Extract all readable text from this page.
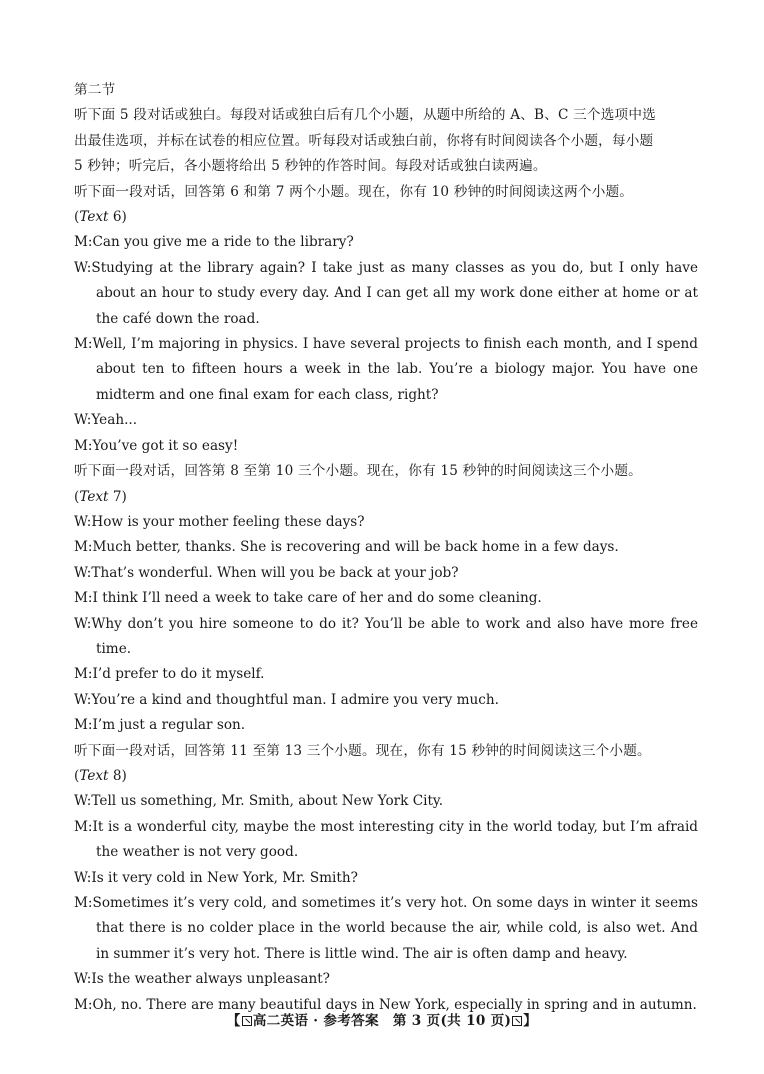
第二节
听下面 5 段对话或独白。每段对话或独白后有几个小题，从题中所给的 A、B、C 三个选项中选
出最佳选项，并标在试卷的相应位置。听每段对话或独白前，你将有时间阅读各个小题，每小题
5 秒钟；听完后，各小题将给出 5 秒钟的作答时间。每段对话或独白读两遍。
听下面一段对话，回答第 6 和第 7 两个小题。现在，你有 10 秒钟的时间阅读这两个小题。
(Text 6)
M:Can you give me a ride to the library?
W:Studying at the library again? I take just as many classes as you do, but I only have about an hour to study every day. And I can get all my work done either at home or at the café down the road.
M:Well, I’m majoring in physics. I have several projects to finish each month, and I spend about ten to fifteen hours a week in the lab. You’re a biology major. You have one midterm and one final exam for each class, right?
W:Yeah...
M:You’ve got it so easy!
听下面一段对话，回答第 8 至第 10 三个小题。现在，你有 15 秒钟的时间阅读这三个小题。
(Text 7)
W:How is your mother feeling these days?
M:Much better, thanks. She is recovering and will be back home in a few days.
W:That’s wonderful. When will you be back at your job?
M:I think I’ll need a week to take care of her and do some cleaning.
W:Why don’t you hire someone to do it? You’ll be able to work and also have more free time.
M:I’d prefer to do it myself.
W:You’re a kind and thoughtful man. I admire you very much.
M:I’m just a regular son.
听下面一段对话，回答第 11 至第 13 三个小题。现在，你有 15 秒钟的时间阅读这三个小题。
(Text 8)
W:Tell us something, Mr. Smith, about New York City.
M:It is a wonderful city, maybe the most interesting city in the world today, but I’m afraid the weather is not very good.
W:Is it very cold in New York, Mr. Smith?
M:Sometimes it’s very cold, and sometimes it’s very hot. On some days in winter it seems that there is no colder place in the world because the air, while cold, is also wet. And in summer it’s very hot. There is little wind. The air is often damp and heavy.
W:Is the weather always unpleasant?
M:Oh, no. There are many beautiful days in New York, especially in spring and in autumn.
【 高二英语 · 参考答案　第 3 页(共 10 页) 】
